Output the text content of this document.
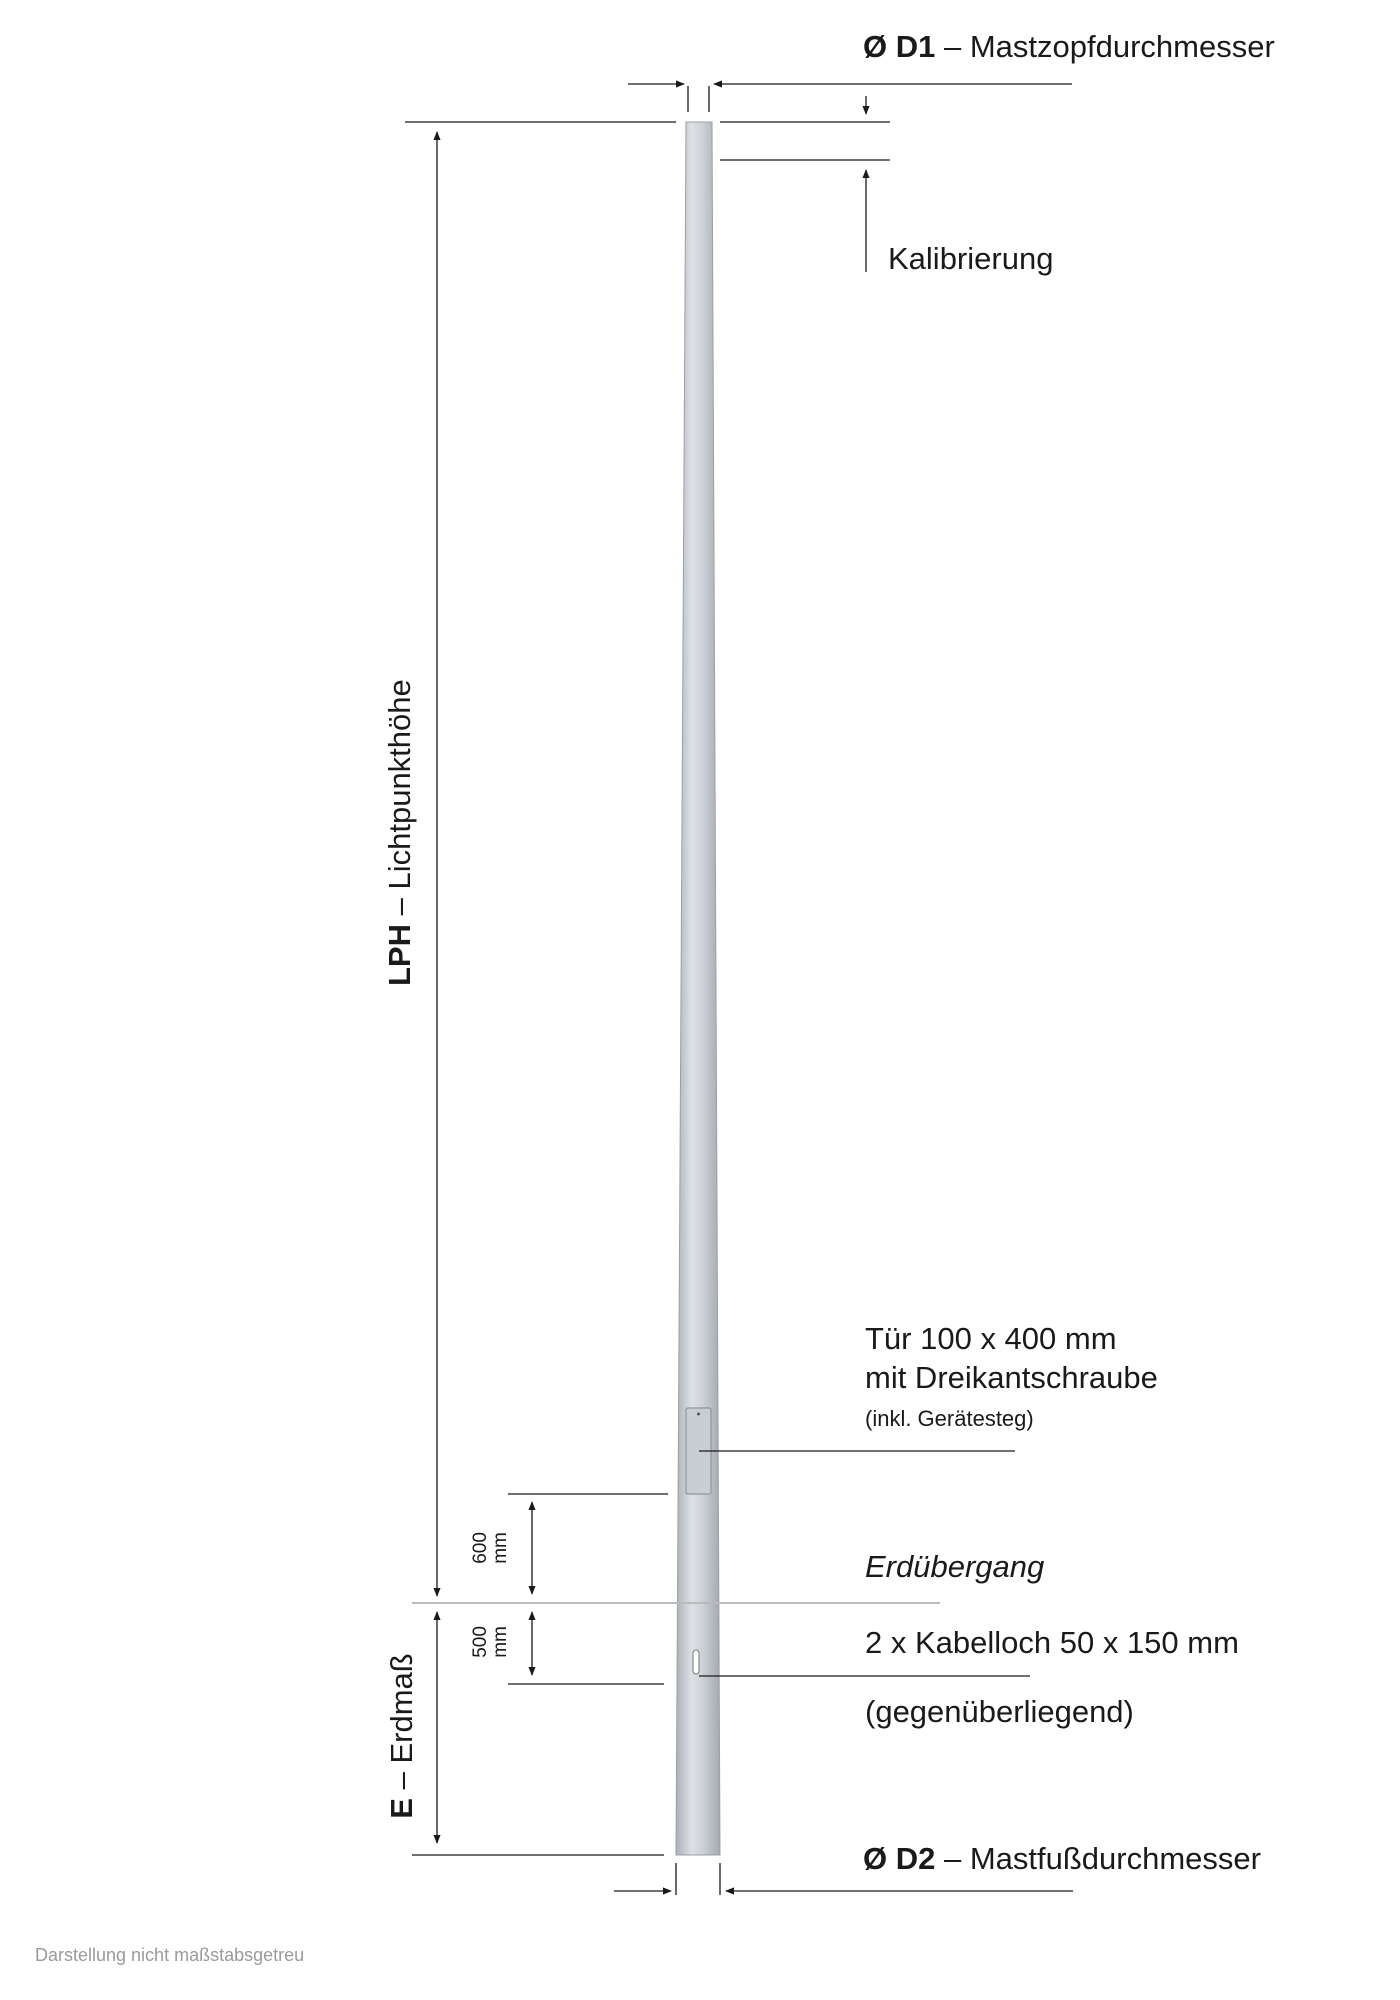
Ø D1 – Mastzopfdurchmesser
Kalibrierung
LPH – Lichtpunkthöhe
Tür 100 x 400 mm
mit Dreikantschraube
(inkl. Gerätesteg)
600
mm
Erdübergang
500
mm	2 x Kabelloch 50 x 150 mm
(gegenüberliegend)
E – Erdmaß
Ø D2 – Mastfußdurchmesser
Darstellung nicht maßstabsgetreu
